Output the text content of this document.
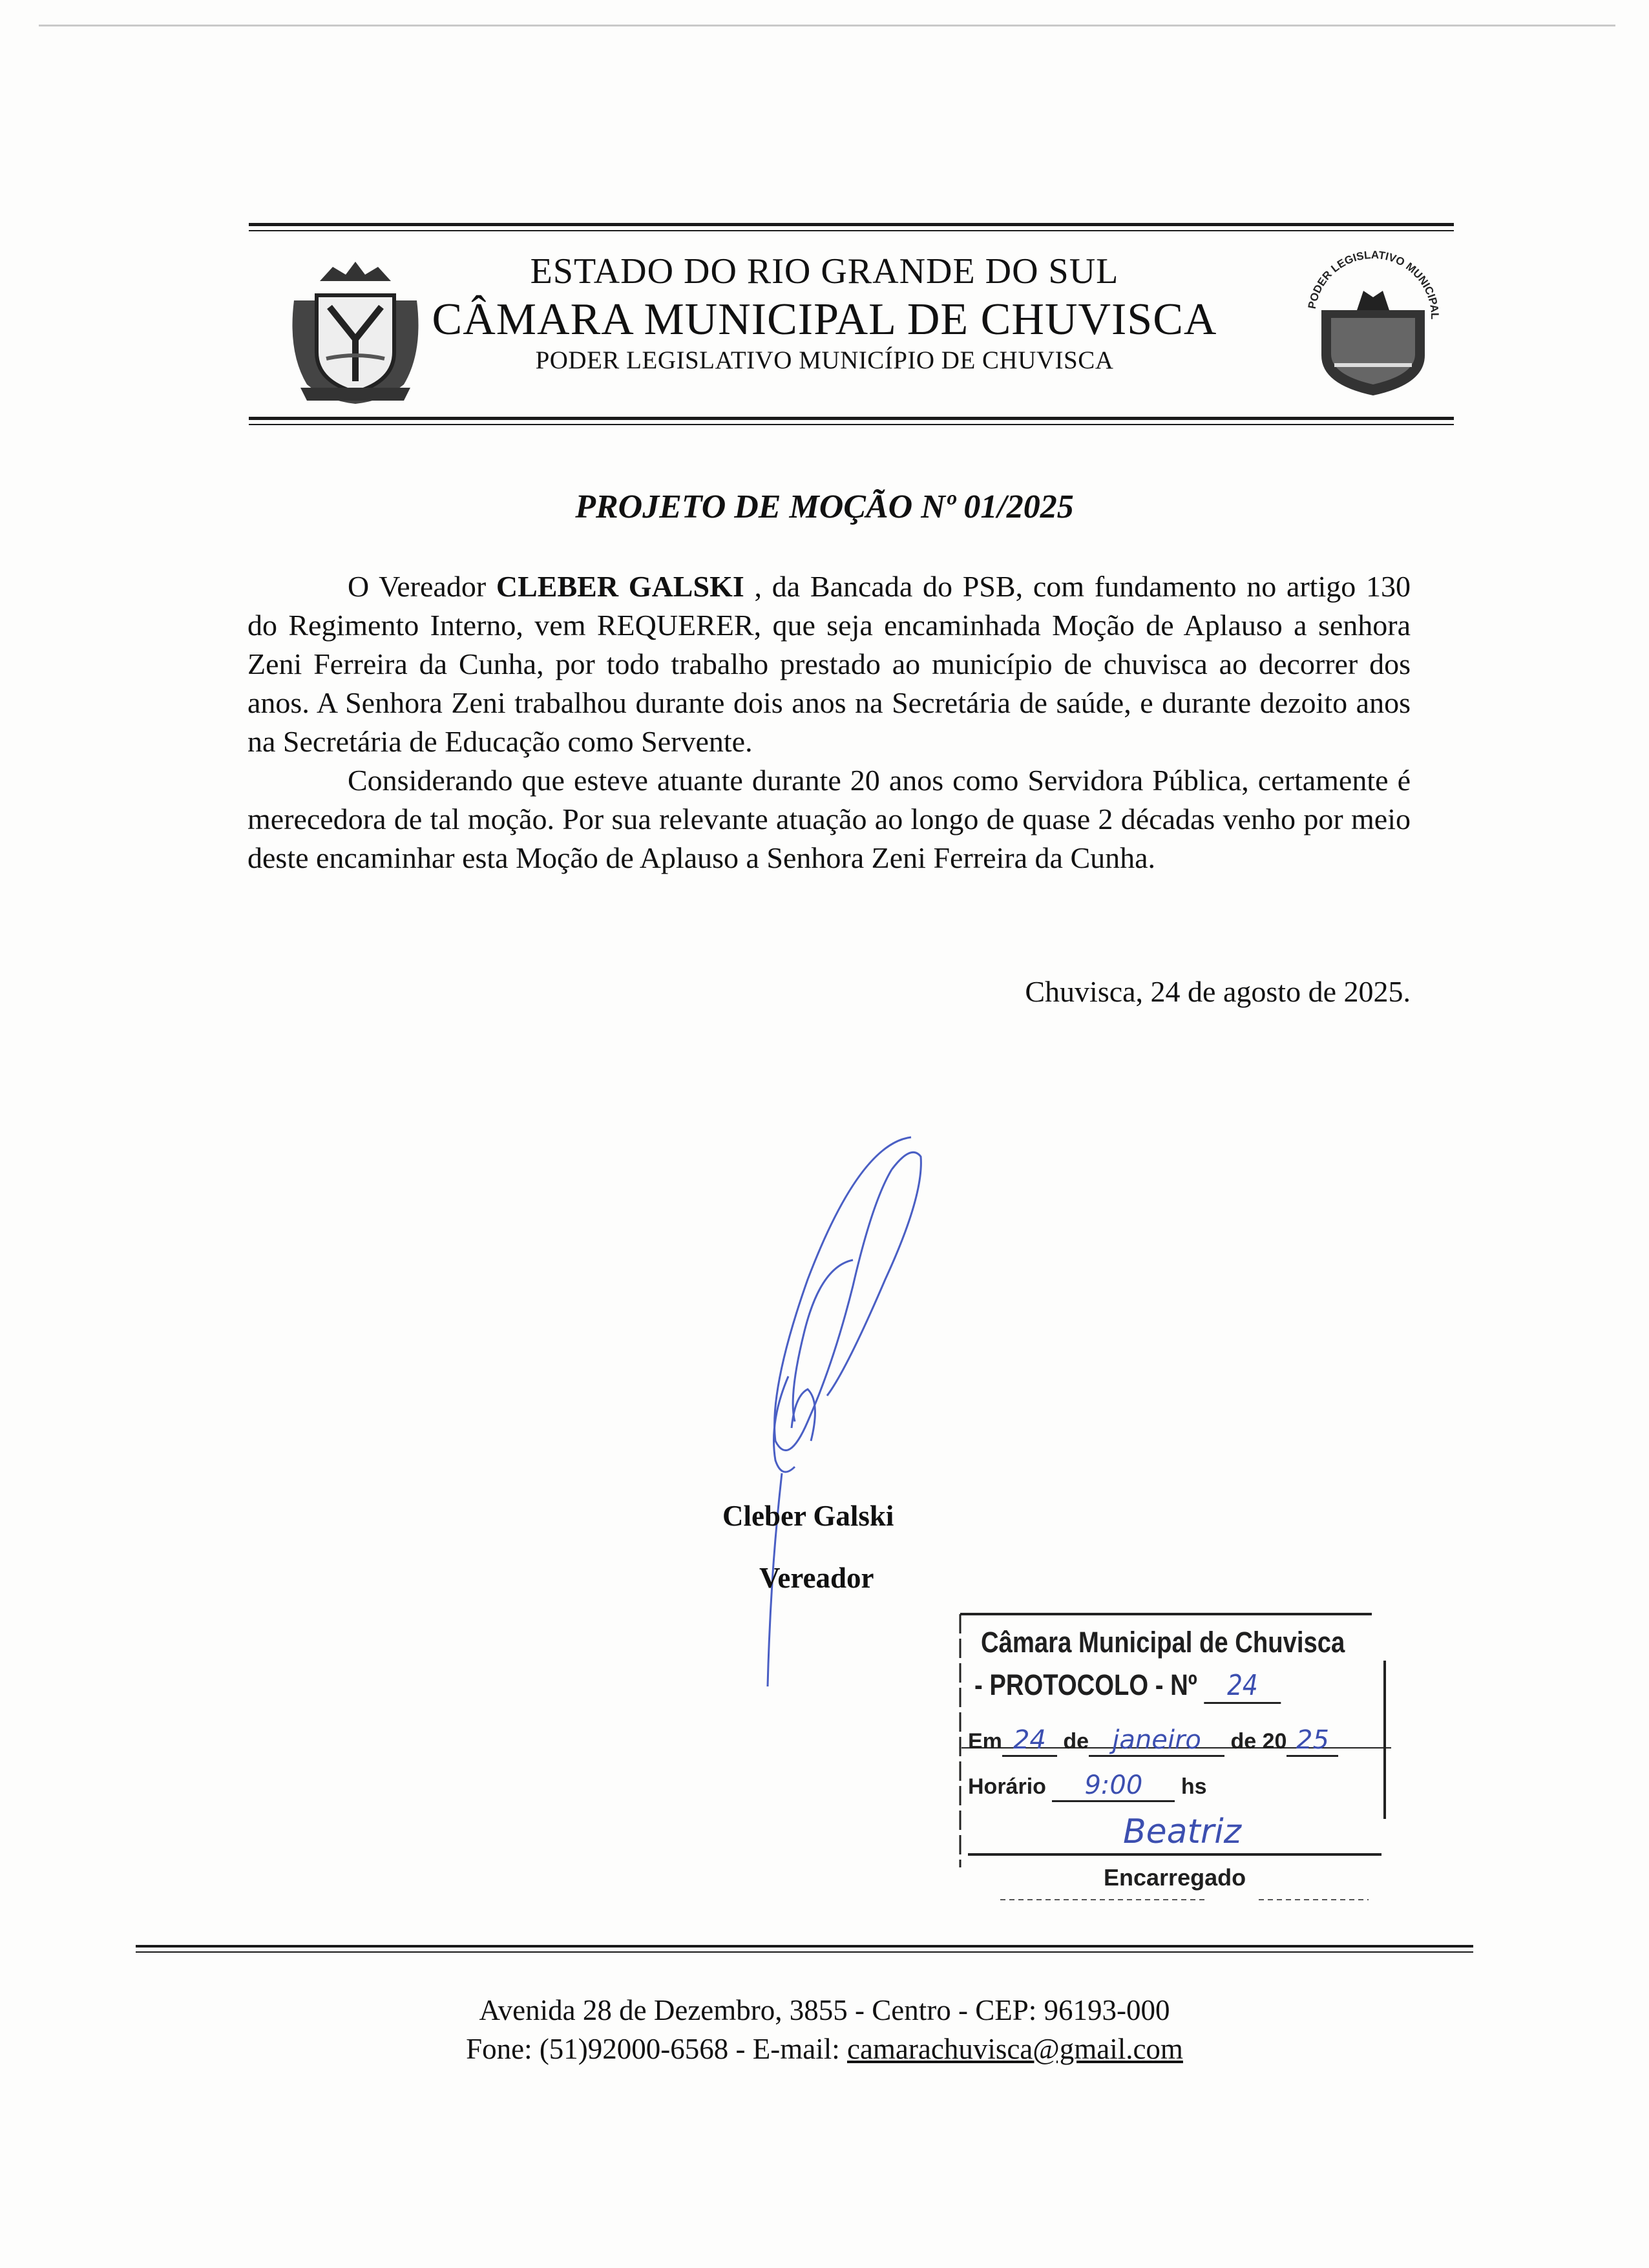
ESTADO DO RIO GRANDE DO SUL
CÂMARA MUNICIPAL DE CHUVISCA
PODER LEGISLATIVO MUNICÍPIO DE CHUVISCA
PODER LEGISLATIVO MUNICIPAL
PROJETO DE MOÇÃO Nº 01/2025

O Vereador CLEBER GALSKI , da Bancada do PSB, com fundamento no artigo 130 do Regimento Interno, vem REQUERER, que seja encaminhada Moção de Aplauso a senhora Zeni Ferreira da Cunha, por todo trabalho prestado ao município de chuvisca ao decorrer dos anos. A Senhora Zeni trabalhou durante dois anos na Secretária de saúde, e durante dezoito anos na Secretária de Educação como Servente.

Considerando que esteve atuante durante 20 anos como Servidora Pública, certamente é merecedora de tal moção. Por sua relevante atuação ao longo de quase 2 décadas venho por meio deste encaminhar esta Moção de Aplauso a Senhora Zeni Ferreira da Cunha.

Chuvisca, 24 de agosto de 2025.
Cleber Galski
Vereador
Câmara Municipal de Chuvisca
- PROTOCOLO - Nº 24
Em 24 de janeiro de 20 25
Horário 9:00 hs
Beatriz
Encarregado
Avenida 28 de Dezembro, 3855 - Centro - CEP: 96193-000
Fone: (51)92000-6568 - E-mail: camarachuvisca@gmail.com
